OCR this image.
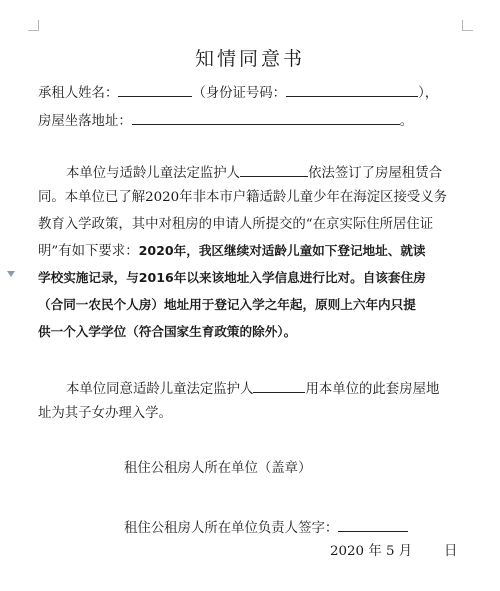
知情同意书
承租人姓名：	（身份证号码：	），
房屋坐落地址：	。
本单位与适龄儿童法定监护人	依法签订了房屋租赁合
同。本单位已了解2020年非本市户籍适龄儿童少年在海淀区接受义务
教育入学政策，其中对租房的申请人所提交的“在京实际住所居住证
明”有如下要求：2020年，我区继续对适龄儿童如下登记地址、就读
学校实施记录，与2016年以来该地址入学信息进行比对。自该套住房
（合同一农民个人房）地址用于登记入学之年起，原则上六年内只提
供一个入学学位（符合国家生育政策的除外）。
本单位同意适龄儿童法定监护人	用本单位的此套房屋地
址为其子女办理入学。
租住公租房人所在单位（盖章）
租住公租房人所在单位负责人签字：
2020 年 5 月 日
